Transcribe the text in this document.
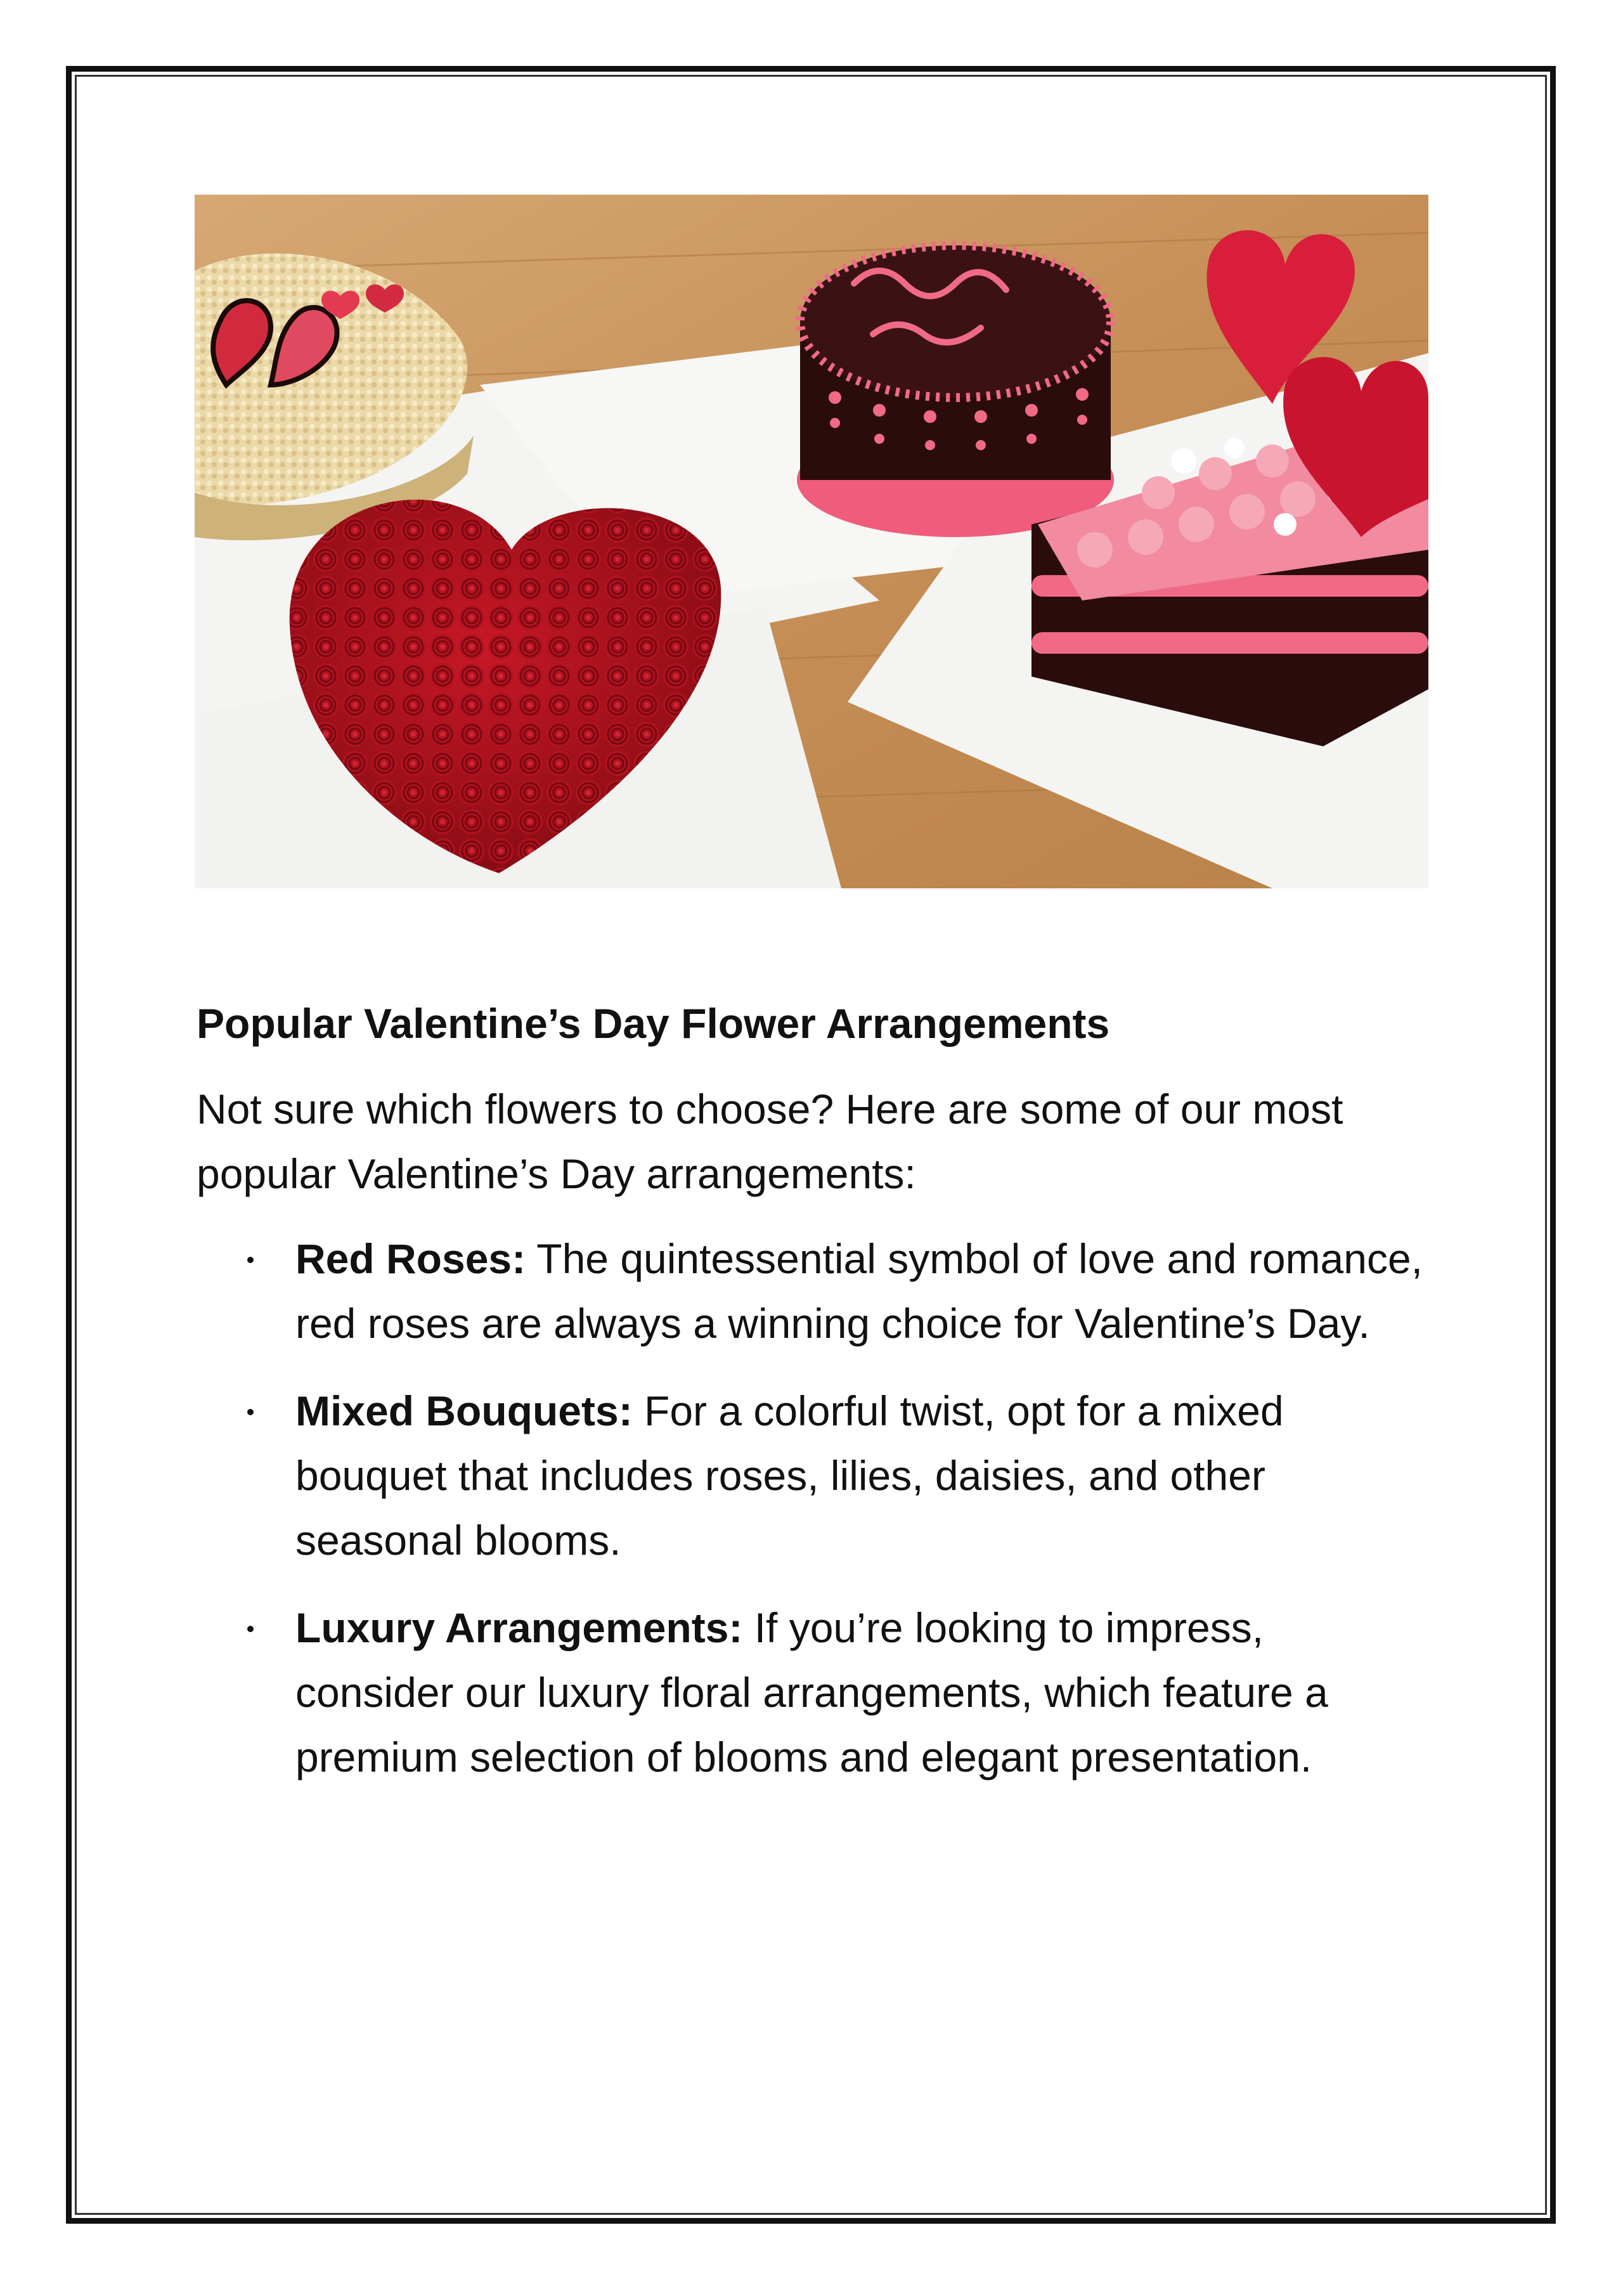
Popular Valentine’s Day Flower Arrangements

Not sure which flowers to choose? Here are some of our most popular Valentine’s Day arrangements:

Red Roses: The quintessential symbol of love and romance, red roses are always a winning choice for Valentine’s Day.
Mixed Bouquets: For a colorful twist, opt for a mixed bouquet that includes roses, lilies, daisies, and other seasonal blooms.
Luxury Arrangements: If you’re looking to impress, consider our luxury floral arrangements, which feature a premium selection of blooms and elegant presentation.
